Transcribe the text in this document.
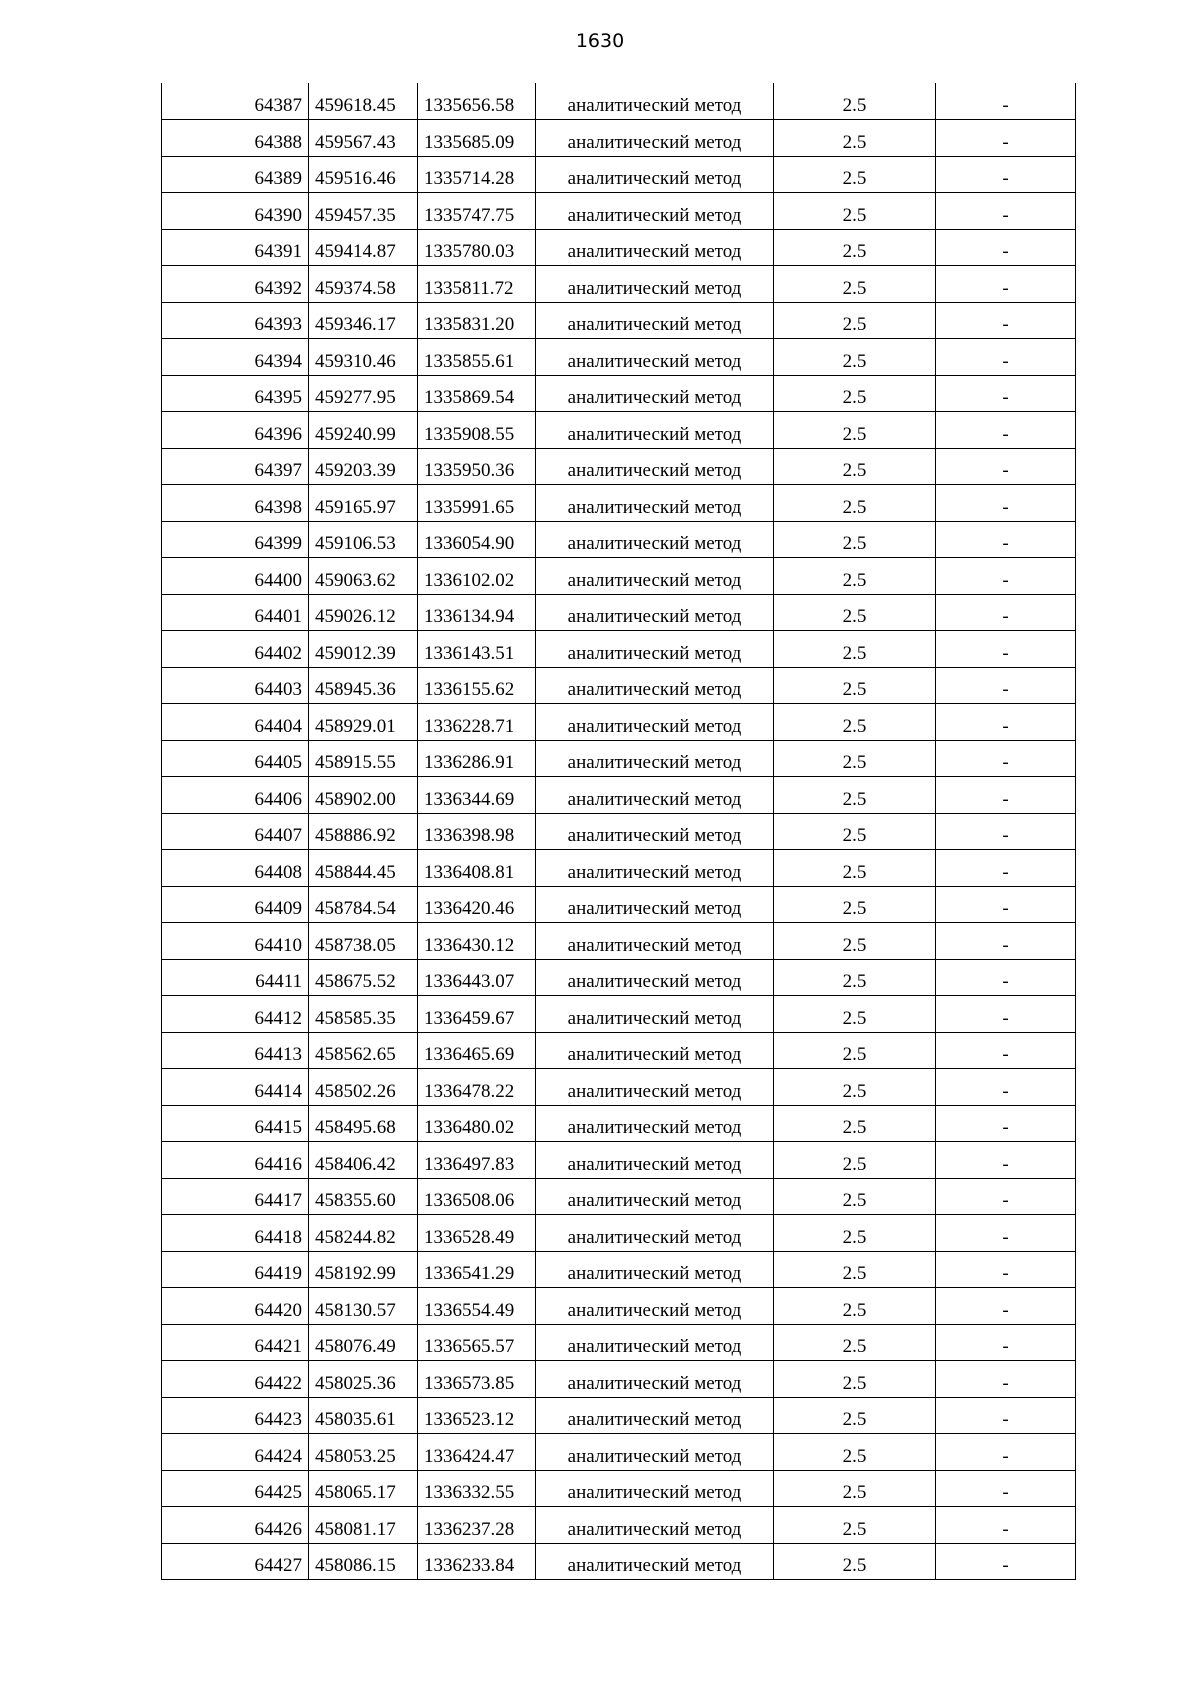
1630
64387	459618.45	1335656.58	аналитический метод	2.5	-
64388	459567.43	1335685.09	аналитический метод	2.5	-
64389	459516.46	1335714.28	аналитический метод	2.5	-
64390	459457.35	1335747.75	аналитический метод	2.5	-
64391	459414.87	1335780.03	аналитический метод	2.5	-
64392	459374.58	1335811.72	аналитический метод	2.5	-
64393	459346.17	1335831.20	аналитический метод	2.5	-
64394	459310.46	1335855.61	аналитический метод	2.5	-
64395	459277.95	1335869.54	аналитический метод	2.5	-
64396	459240.99	1335908.55	аналитический метод	2.5	-
64397	459203.39	1335950.36	аналитический метод	2.5	-
64398	459165.97	1335991.65	аналитический метод	2.5	-
64399	459106.53	1336054.90	аналитический метод	2.5	-
64400	459063.62	1336102.02	аналитический метод	2.5	-
64401	459026.12	1336134.94	аналитический метод	2.5	-
64402	459012.39	1336143.51	аналитический метод	2.5	-
64403	458945.36	1336155.62	аналитический метод	2.5	-
64404	458929.01	1336228.71	аналитический метод	2.5	-
64405	458915.55	1336286.91	аналитический метод	2.5	-
64406	458902.00	1336344.69	аналитический метод	2.5	-
64407	458886.92	1336398.98	аналитический метод	2.5	-
64408	458844.45	1336408.81	аналитический метод	2.5	-
64409	458784.54	1336420.46	аналитический метод	2.5	-
64410	458738.05	1336430.12	аналитический метод	2.5	-
64411	458675.52	1336443.07	аналитический метод	2.5	-
64412	458585.35	1336459.67	аналитический метод	2.5	-
64413	458562.65	1336465.69	аналитический метод	2.5	-
64414	458502.26	1336478.22	аналитический метод	2.5	-
64415	458495.68	1336480.02	аналитический метод	2.5	-
64416	458406.42	1336497.83	аналитический метод	2.5	-
64417	458355.60	1336508.06	аналитический метод	2.5	-
64418	458244.82	1336528.49	аналитический метод	2.5	-
64419	458192.99	1336541.29	аналитический метод	2.5	-
64420	458130.57	1336554.49	аналитический метод	2.5	-
64421	458076.49	1336565.57	аналитический метод	2.5	-
64422	458025.36	1336573.85	аналитический метод	2.5	-
64423	458035.61	1336523.12	аналитический метод	2.5	-
64424	458053.25	1336424.47	аналитический метод	2.5	-
64425	458065.17	1336332.55	аналитический метод	2.5	-
64426	458081.17	1336237.28	аналитический метод	2.5	-
64427	458086.15	1336233.84	аналитический метод	2.5	-
